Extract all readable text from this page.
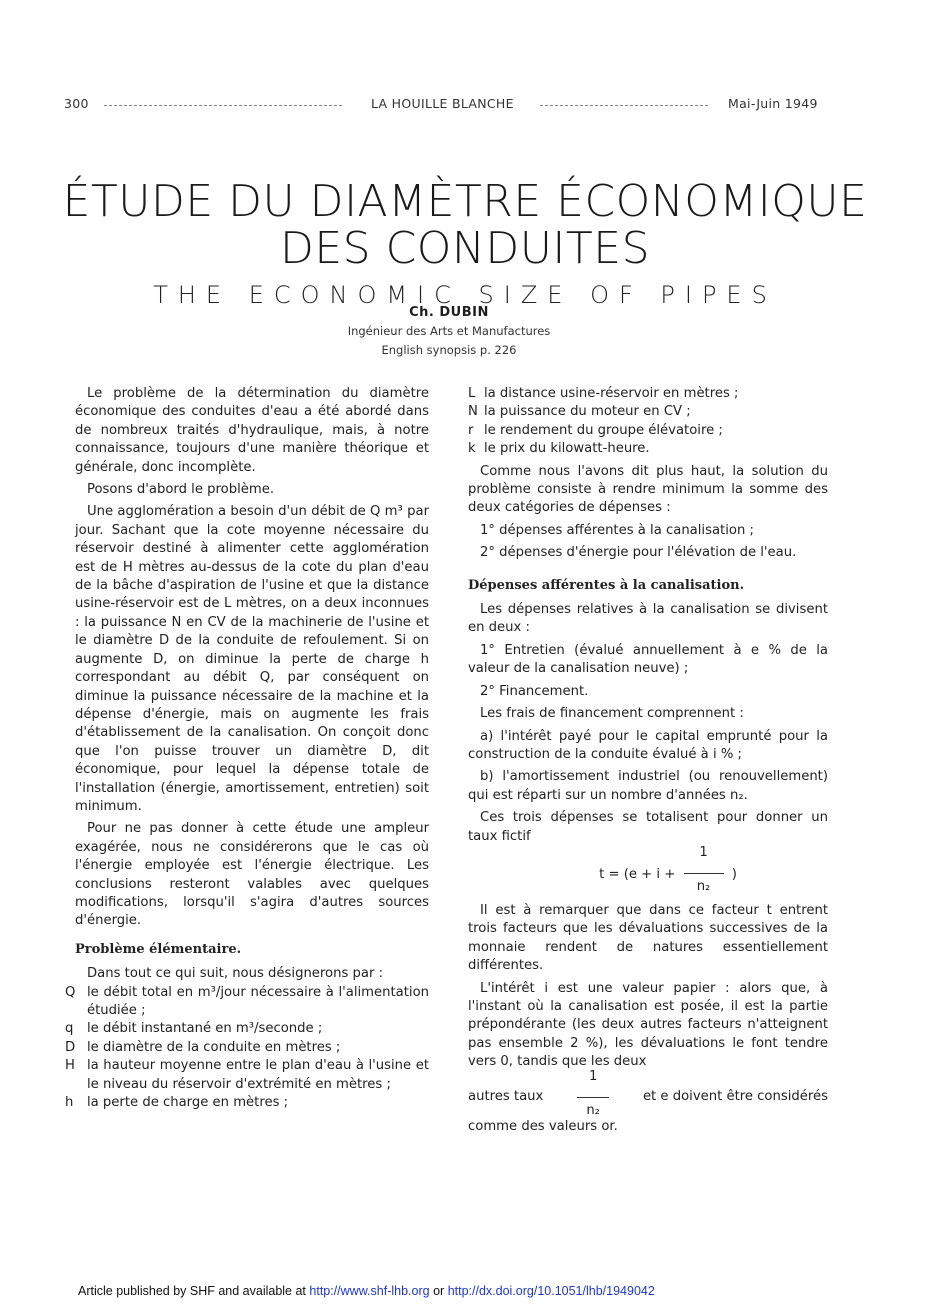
300	LA HOUILLE BLANCHE	Mai-Juin 1949
ÉTUDE DU DIAMÈTRE ÉCONOMIQUE
DES CONDUITES
THE ECONOMIC SIZE OF PIPES
Ch. DUBIN
Ingénieur des Arts et Manufactures
English synopsis p. 226

Le problème de la détermination du diamètre économique des conduites d'eau a été abordé dans de nombreux traités d'hydraulique, mais, à notre connaissance, toujours d'une manière théorique et générale, donc incomplète.

Posons d'abord le problème.

Une agglomération a besoin d'un débit de Q m³ par jour. Sachant que la cote moyenne nécessaire du réservoir destiné à alimenter cette agglomération est de H mètres au-dessus de la cote du plan d'eau de la bâche d'aspiration de l'usine et que la distance usine-réservoir est de L mètres, on a deux inconnues : la puissance N en CV de la machinerie de l'usine et le diamètre D de la conduite de refoulement. Si on augmente D, on diminue la perte de charge h correspondant au débit Q, par conséquent on diminue la puissance nécessaire de la machine et la dépense d'énergie, mais on augmente les frais d'établissement de la canalisation. On conçoit donc que l'on puisse trouver un diamètre D, dit économique, pour lequel la dépense totale de l'installation (énergie, amortissement, entretien) soit minimum.

Pour ne pas donner à cette étude une ampleur exagérée, nous ne considérerons que le cas où l'énergie employée est l'énergie électrique. Les conclusions resteront valables avec quelques modifications, lorsqu'il s'agira d'autres sources d'énergie.

Problème élémentaire.

Dans tout ce qui suit, nous désignerons par :

Q le débit total en m³/jour nécessaire à l'alimentation étudiée ;
q	le débit instantané en m³/seconde ;
D le diamètre de la conduite en mètres ;
H la hauteur moyenne entre le plan d'eau à l'usine et le niveau du réservoir d'extrémité en mètres ;
h	la perte de charge en mètres ;
L la distance usine-réservoir en mètres ;
N la puissance du moteur en CV ;
r le rendement du groupe élévatoire ;
k le prix du kilowatt-heure.

Comme nous l'avons dit plus haut, la solution du problème consiste à rendre minimum la somme des deux catégories de dépenses :

1° dépenses afférentes à la canalisation ;

2° dépenses d'énergie pour l'élévation de l'eau.

Dépenses afférentes à la canalisation.

Les dépenses relatives à la canalisation se divisent en deux :

1° Entretien (évalué annuellement à e % de la valeur de la canalisation neuve) ;

2° Financement.

Les frais de financement comprennent :

a) l'intérêt payé pour le capital emprunté pour la construction de la conduite évalué à i % ;

b) l'amortissement industriel (ou renouvellement) qui est réparti sur un nombre d'années n₂.

Ces trois dépenses se totalisent pour donner un taux fictif

$t = (e + i + \frac{1}{\text{n₂}}$ )

Il est à remarquer que dans ce facteur t entrent trois facteurs que les dévaluations successives de la monnaie rendent de natures essentiellement différentes.

L'intérêt i est une valeur papier : alors que, à l'instant où la canalisation est posée, il est la partie prépondérante (les deux autres facteurs n'atteignent pas ensemble 2 %), les dévaluations le font tendre vers 0, tandis que les deux

autres taux $\frac{1}{\text{n₂}}$ et e doivent être considérés

comme des valeurs or.

Article published by SHF and available at http://www.shf-lhb.org or http://dx.doi.org/10.1051/lhb/1949042
